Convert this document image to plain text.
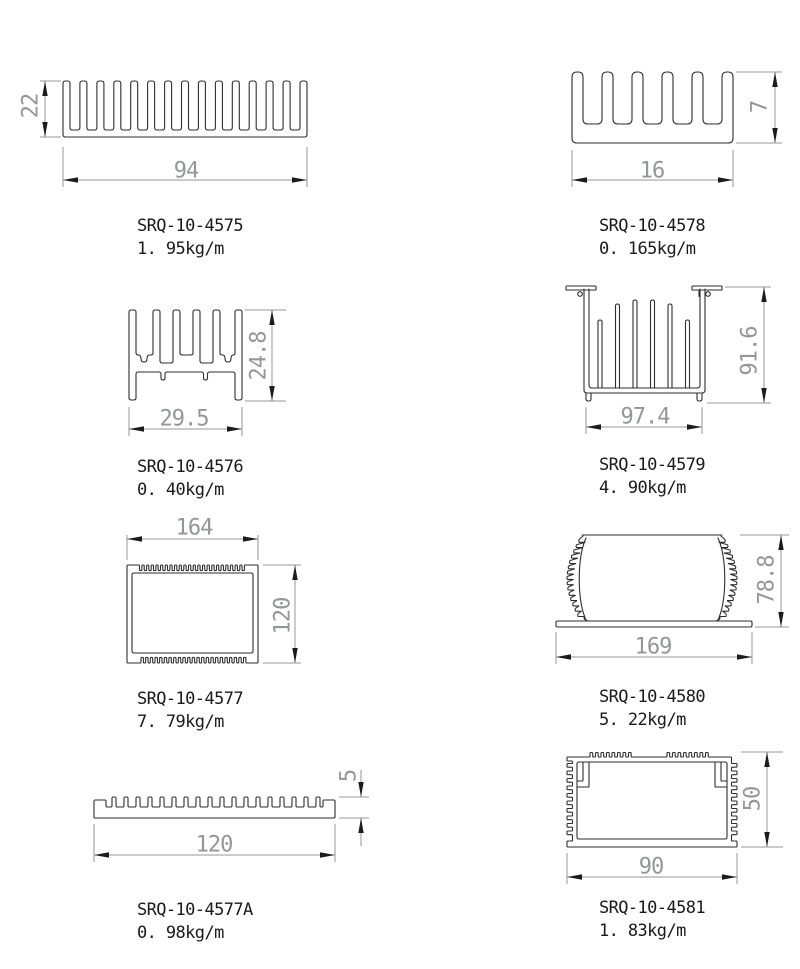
94
22
16
7
29.5
24.8
97.4
91.6
164
120
169
78.8
120
5
90
50
SRQ-10-4575
1. 95kg/m
SRQ-10-4578
0. 165kg/m
SRQ-10-4576
0. 40kg/m
SRQ-10-4579
4. 90kg/m
SRQ-10-4577
7. 79kg/m
SRQ-10-4580
5. 22kg/m
SRQ-10-4577A
0. 98kg/m
SRQ-10-4581
1. 83kg/m
